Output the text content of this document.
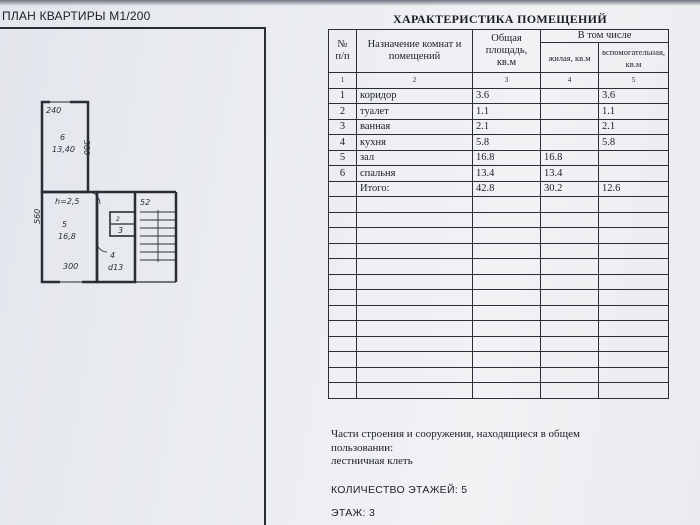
ПЛАН КВАРТИРЫ М1/200
240
6
13,40 580
h=2,5
5
16,8
560
300
3
2
4
d13
52
ХАРАКТЕРИСТИКА ПОМЕЩЕНИЙ
№ п/п	Назначение комнат и помещений	Общая площадь, кв.м	В том числе	
			жилая, кв.м	вспомогательная, кв.м
1	2	3	4	5
1	коридор	3.6		3.6
2	туалет	1.1		1.1
3	ванная	2.1		2.1
4	кухня	5.8		5.8
5	зал	16.8	16.8	
6	спальня	13.4	13.4	
	Итого:	42.8	30.2	12.6

Части строения и сооружения, находящиеся в общем
пользовании:
лестничная клеть
КОЛИЧЕСТВО ЭТАЖЕЙ: 5
ЭТАЖ: 3
